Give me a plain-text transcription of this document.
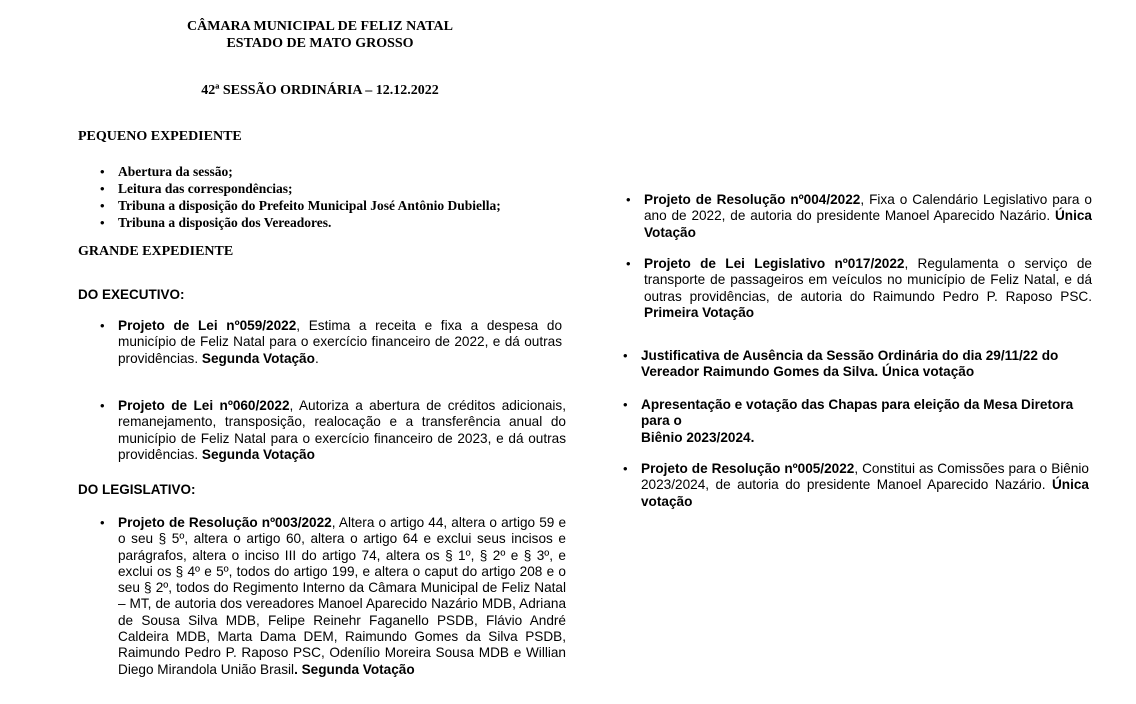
CÂMARA MUNICIPAL DE FELIZ NATAL
ESTADO DE MATO GROSSO
42ª SESSÃO ORDINÁRIA – 12.12.2022
PEQUENO EXPEDIENTE
• Abertura da sessão;
• Leitura das correspondências;
• Tribuna a disposição do Prefeito Municipal José Antônio Dubiella;
• Tribuna a disposição dos Vereadores.
GRANDE EXPEDIENTE
DO EXECUTIVO:
• Projeto de Lei nº059/2022, Estima a receita e fixa a despesa do município de Feliz Natal para o exercício financeiro de 2022, e dá outras providências. Segunda Votação.
• Projeto de Lei nº060/2022, Autoriza a abertura de créditos adicionais, remanejamento, transposição, realocação e a transferência anual do município de Feliz Natal para o exercício financeiro de 2023, e dá outras providências. Segunda Votação
DO LEGISLATIVO:
• Projeto de Resolução nº003/2022, Altera o artigo 44, altera o artigo 59 e o seu § 5º, altera o artigo 60, altera o artigo 64 e exclui seus incisos e parágrafos, altera o inciso III do artigo 74, altera os § 1º, § 2º e § 3º, e exclui os § 4º e 5º, todos do artigo 199, e altera o caput do artigo 208 e o seu § 2º, todos do Regimento Interno da Câmara Municipal de Feliz Natal – MT, de autoria dos vereadores Manoel Aparecido Nazário MDB, Adriana de Sousa Silva MDB, Felipe Reinehr Faganello PSDB, Flávio André Caldeira MDB, Marta Dama DEM, Raimundo Gomes da Silva PSDB, Raimundo Pedro P. Raposo PSC, Odenílio Moreira Sousa MDB e Willian Diego Mirandola União Brasil. Segunda Votação
• Projeto de Resolução nº004/2022, Fixa o Calendário Legislativo para o ano de 2022, de autoria do presidente Manoel Aparecido Nazário. Única Votação
• Projeto de Lei Legislativo nº017/2022, Regulamenta o serviço de transporte de passageiros em veículos no município de Feliz Natal, e dá outras providências, de autoria do Raimundo Pedro P. Raposo PSC. Primeira Votação
• Justificativa de Ausência da Sessão Ordinária do dia 29/11/22 do Vereador Raimundo Gomes da Silva. Única votação
• Apresentação e votação das Chapas para eleição da Mesa Diretora para o
Biênio 2023/2024.
• Projeto de Resolução nº005/2022, Constitui as Comissões para o Biênio 2023/2024, de autoria do presidente Manoel Aparecido Nazário. Única votação
